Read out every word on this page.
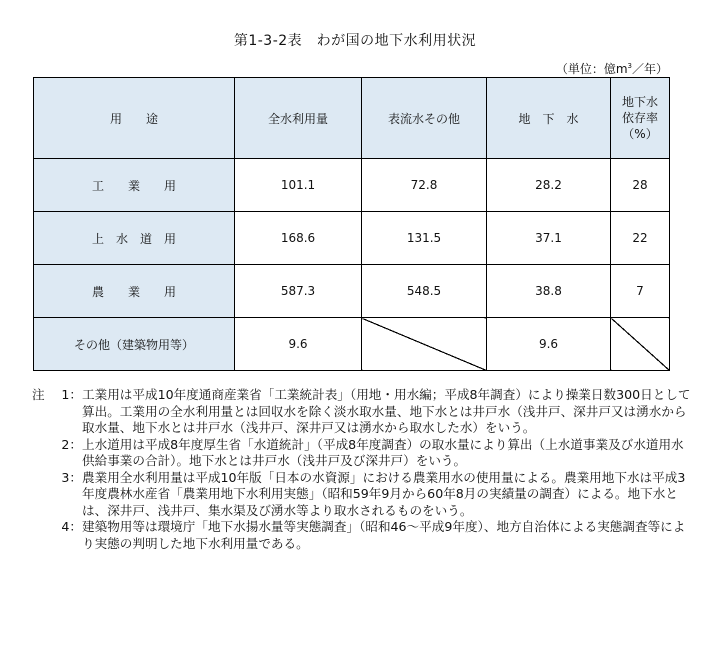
第1-3-2表　わが国の地下水利用状況
（単位：億$m^3/$年）
用　　途	全水利用量	表流水その他	地　下　水	地下水
依存率
（%）

工　　業　　用	101.1	72.8	28.2	28
上　水　道　用	168.6	131.5	37.1	22
農　　業　　用	587.3	548.5	38.8	7
その他（建築物用等）	9.6		9.6	
注 1： 工業用は平成10年度通商産業省「工業統計表」（用地・用水編；平成8年調査）により操業日数300日として算出。工業用の全水利用量とは回収水を除く淡水取水量、地下水とは井戸水（浅井戸、深井戸又は湧水から取水量、地下水とは井戸水（浅井戸、深井戸又は湧水から取水した水）をいう。
2： 上水道用は平成8年度厚生省「水道統計」（平成8年度調査）の取水量により算出（上水道事業及び水道用水供給事業の合計）。地下水とは井戸水（浅井戸及び深井戸）をいう。
3： 農業用全水利用量は平成10年版「日本の水資源」における農業用水の使用量による。農業用地下水は平成3年度農林水産省「農業用地下水利用実態」（昭和59年9月から60年8月の実績量の調査）による。地下水とは、深井戸、浅井戸、集水渠及び湧水等より取水されるものをいう。
4： 建築物用等は環境庁「地下水揚水量等実態調査」（昭和46～平成9年度）、地方自治体による実態調査等により実態の判明した地下水利用量である。
